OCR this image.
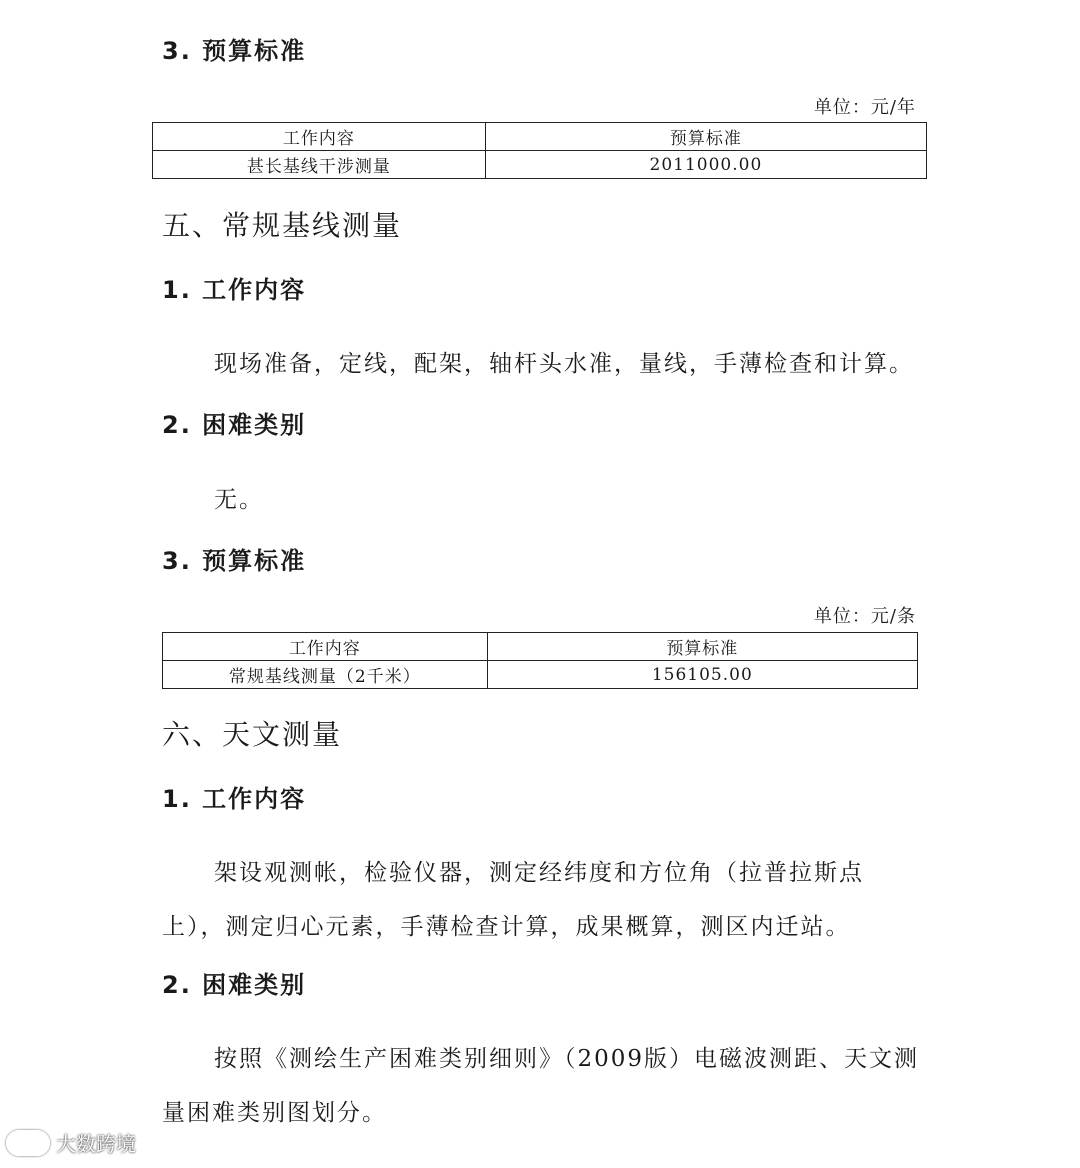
3. 预算标准
单位：元/年
工作内容	预算标准
甚长基线干涉测量	2011000.00
五、常规基线测量
1. 工作内容
现场准备，定线，配架，轴杆头水准，量线，手薄检查和计算。
2. 困难类别
无。
3. 预算标准
单位：元/条
工作内容	预算标准
常规基线测量（2千米）	156105.00
六、天文测量
1. 工作内容
架设观测帐，检验仪器，测定经纬度和方位角（拉普拉斯点上），测定归心元素，手薄检查计算，成果概算，测区内迁站。
2. 困难类别
按照《测绘生产困难类别细则》（2009版）电磁波测距、天文测量困难类别图划分。
大数跨境
